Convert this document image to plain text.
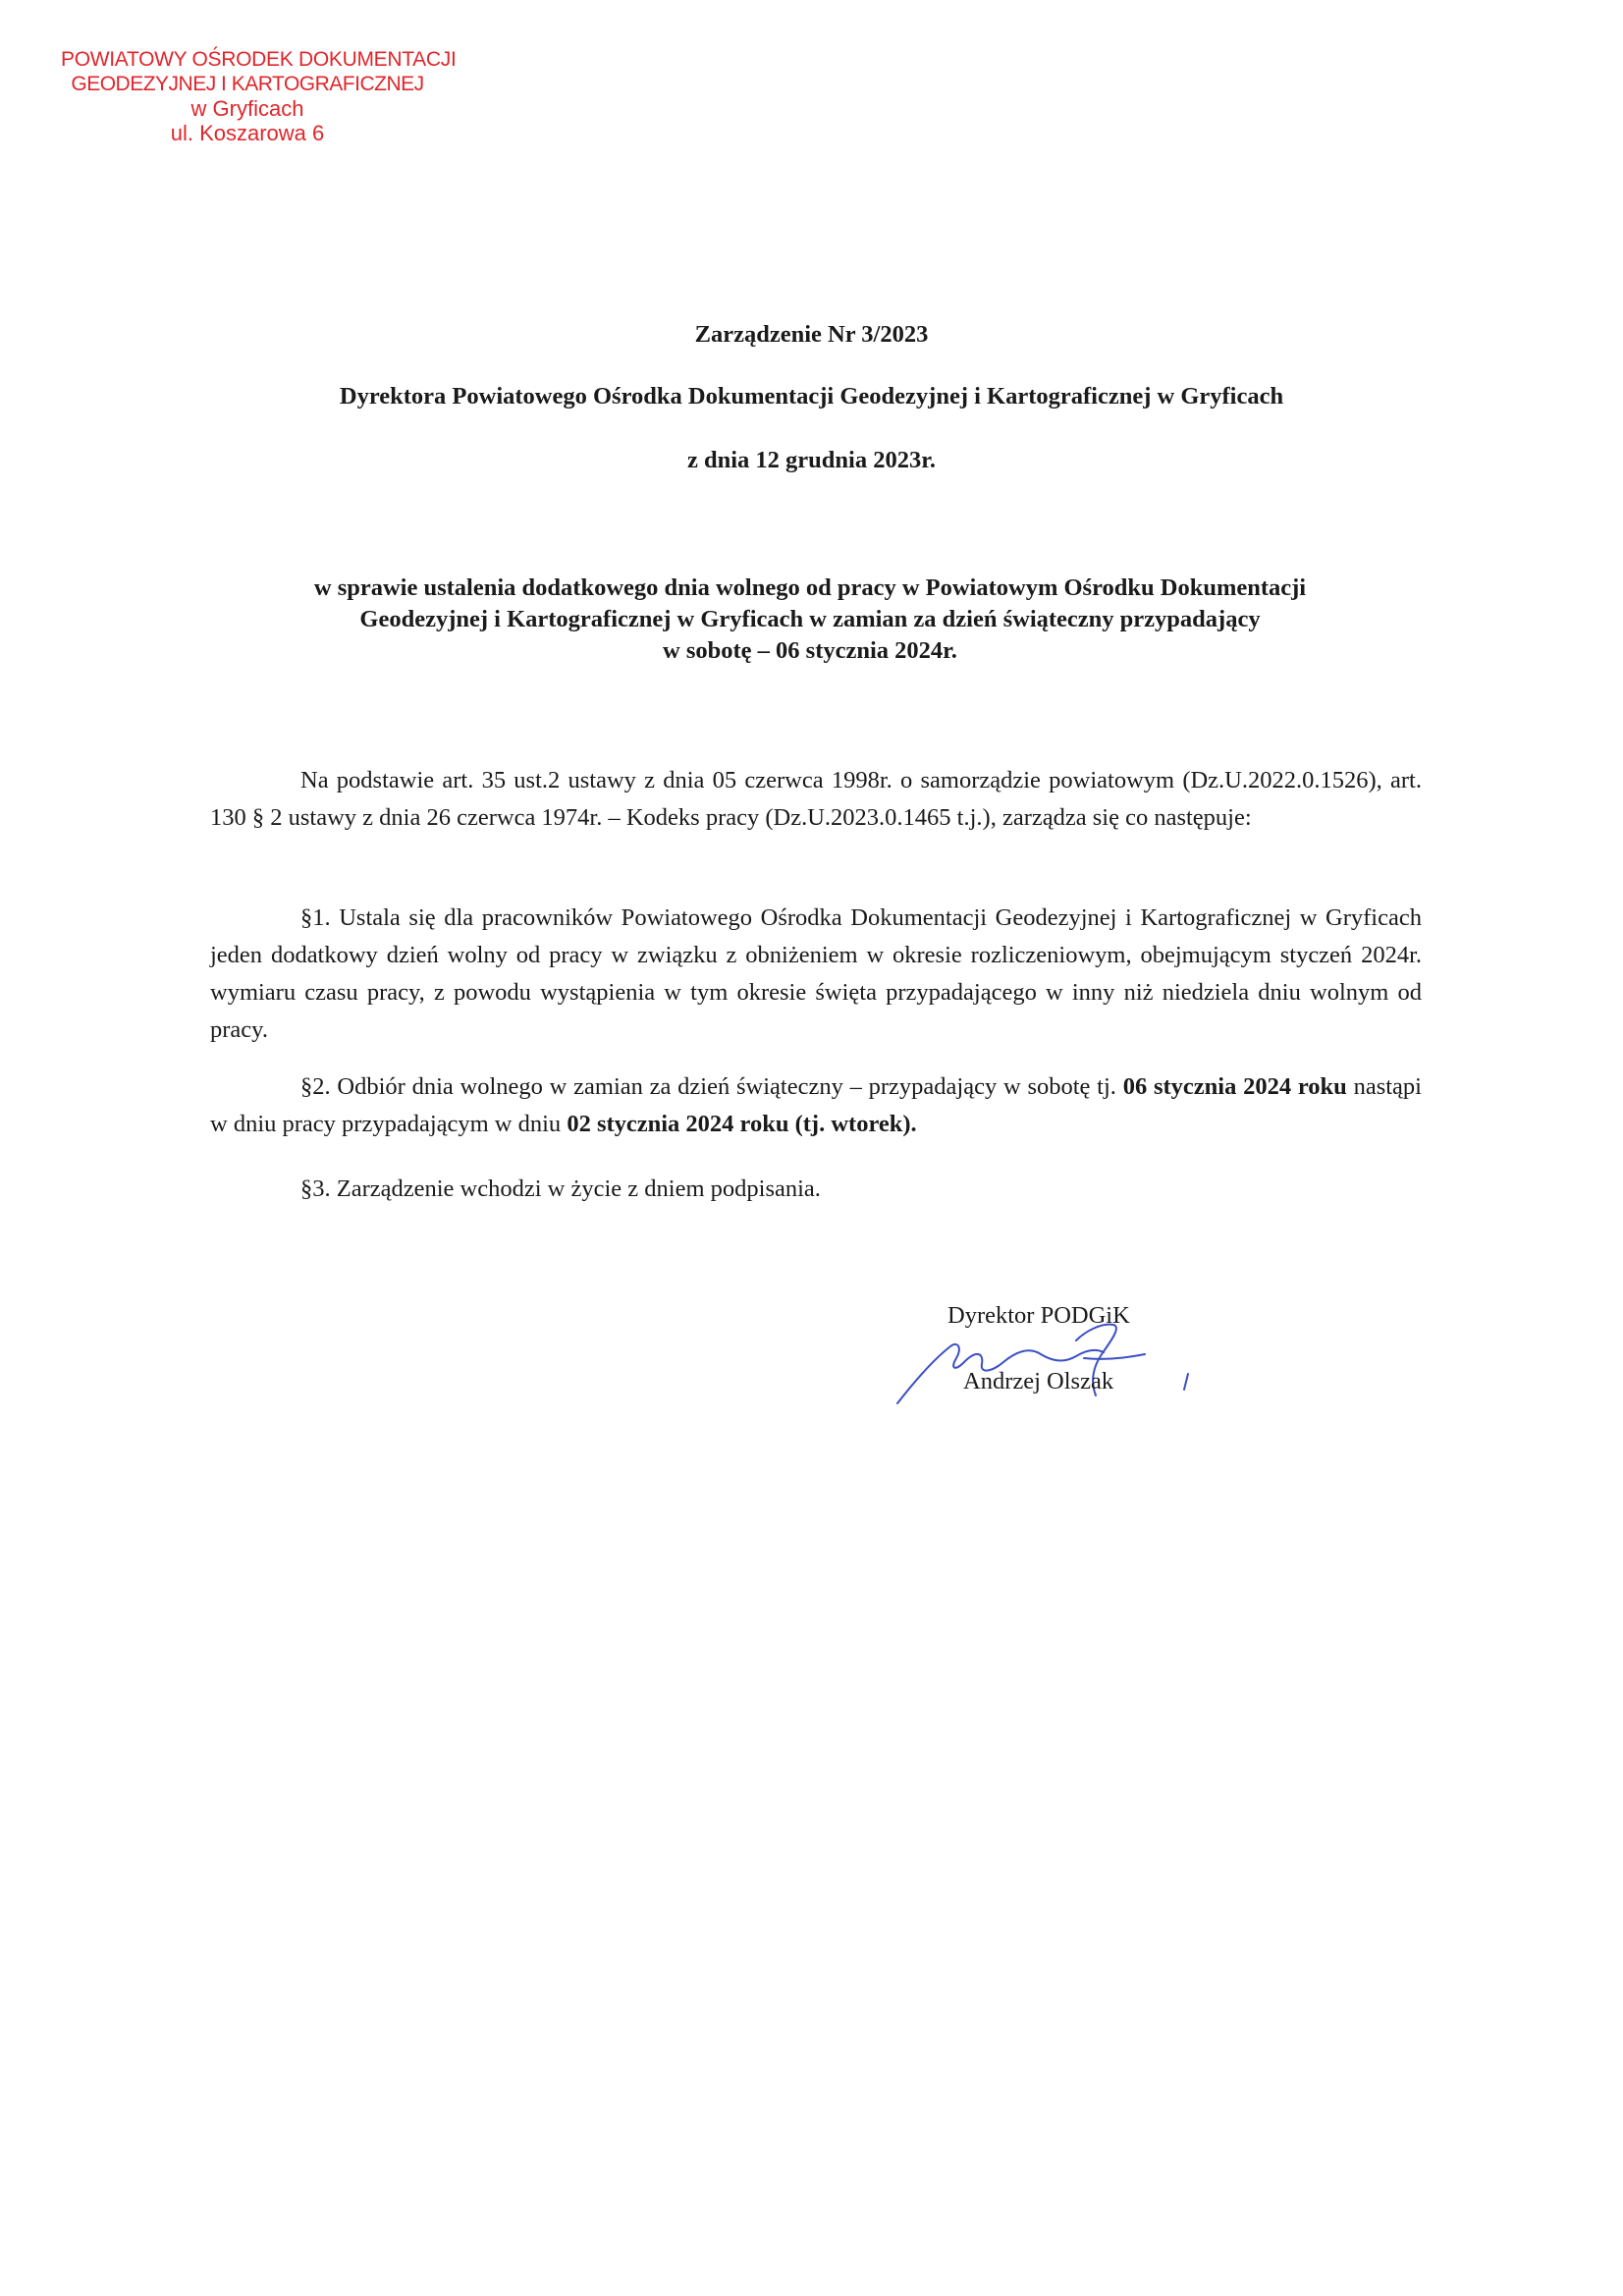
POWIATOWY OŚRODEK DOKUMENTACJI
GEODEZYJNEJ I KARTOGRAFICZNEJ
w Gryficach
ul. Koszarowa 6
Zarządzenie Nr 3/2023
Dyrektora Powiatowego Ośrodka Dokumentacji Geodezyjnej i Kartograficznej w Gryficach
z dnia 12 grudnia 2023r.
w sprawie ustalenia dodatkowego dnia wolnego od pracy w Powiatowym Ośrodku Dokumentacji
Geodezyjnej i Kartograficznej w Gryficach w zamian za dzień świąteczny przypadający
w sobotę – 06 stycznia 2024r.

Na podstawie art. 35 ust.2 ustawy z dnia 05 czerwca 1998r. o samorządzie powiatowym (Dz.U.2022.0.1526), art. 130 § 2 ustawy z dnia 26 czerwca 1974r. – Kodeks pracy (Dz.U.2023.0.1465 t.j.), zarządza się co następuje:

§1. Ustala się dla pracowników Powiatowego Ośrodka Dokumentacji Geodezyjnej i Kartograficznej w Gryficach jeden dodatkowy dzień wolny od pracy w związku z obniżeniem w okresie rozliczeniowym, obejmującym styczeń 2024r. wymiaru czasu pracy, z powodu wystąpienia w tym okresie święta przypadającego w inny niż niedziela dniu wolnym od pracy.

§2. Odbiór dnia wolnego w zamian za dzień świąteczny – przypadający w sobotę tj. 06 stycznia 2024 roku nastąpi w dniu pracy przypadającym w dniu 02 stycznia 2024 roku (tj. wtorek).

§3. Zarządzenie wchodzi w życie z dniem podpisania.

Dyrektor PODGiK
Andrzej Olszak
